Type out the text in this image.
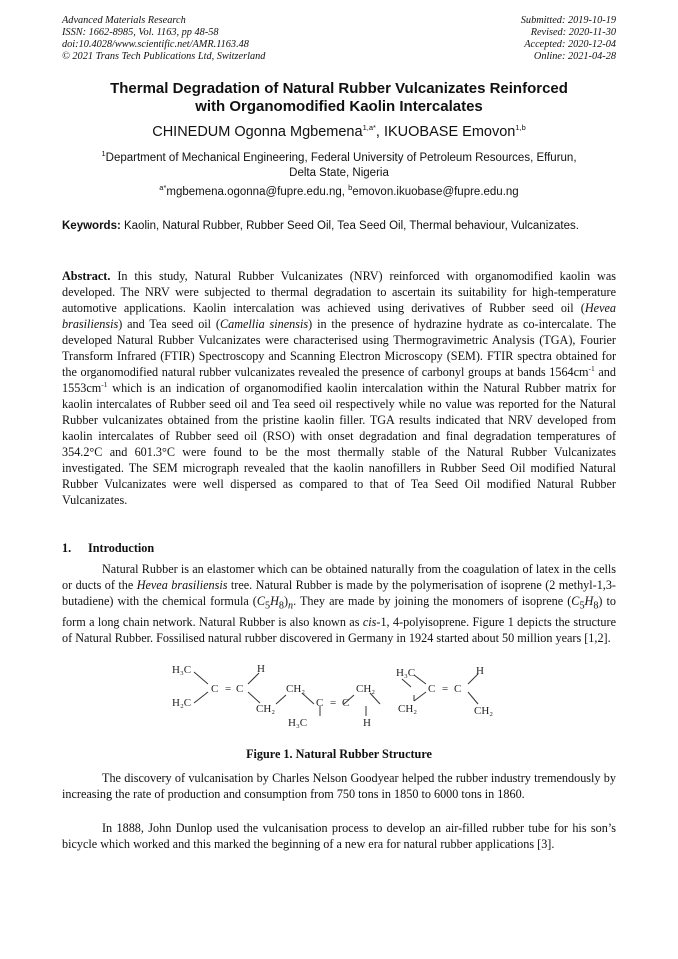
Advanced Materials Research
ISSN: 1662-8985, Vol. 1163, pp 48-58
doi:10.4028/www.scientific.net/AMR.1163.48
© 2021 Trans Tech Publications Ltd, Switzerland
Submitted: 2019-10-19
Revised: 2020-11-30
Accepted: 2020-12-04
Online: 2021-04-28
Thermal Degradation of Natural Rubber Vulcanizates Reinforced
with Organomodified Kaolin Intercalates
CHINEDUM Ogonna Mgbemena$^{1,a*}$, IKUOBASE Emovon$^{1,b}$
$^1$Department of Mechanical Engineering, Federal University of Petroleum Resources, Effurun,
Delta State, Nigeria
$^{a*}$mgbemena.ogonna@fupre.edu.ng, $^b$emovon.ikuobase@fupre.edu.ng
Keywords: Kaolin, Natural Rubber, Rubber Seed Oil, Tea Seed Oil, Thermal behaviour, Vulcanizates.
Abstract. In this study, Natural Rubber Vulcanizates (NRV) reinforced with organomodified kaolin was developed. The NRV were subjected to thermal degradation to ascertain its suitability for high-temperature automotive applications. Kaolin intercalation was achieved using derivatives of Rubber seed oil (Hevea brasiliensis) and Tea seed oil (Camellia sinensis) in the presence of hydrazine hydrate as co-intercalate. The developed Natural Rubber Vulcanizates were characterised using Thermogravimetric Analysis (TGA), Fourier Transform Infrared (FTIR) Spectroscopy and Scanning Electron Microscopy (SEM). FTIR spectra obtained for the organomodified natural rubber vulcanizates revealed the presence of carbonyl groups at bands $1564cm^{-1}$ and $1553cm^{-1}$ which is an indication of organomodified kaolin intercalation within the Natural Rubber matrix for kaolin intercalates of Rubber seed oil and Tea seed oil respectively while no value was reported for the Natural Rubber vulcanizates obtained from the pristine kaolin filler. TGA results indicated that NRV developed from kaolin intercalates of Rubber seed oil (RSO) with onset degradation and final degradation temperatures of 354.2°C and 601.3°C were found to be the most thermally stable of the Natural Rubber Vulcanizates investigated. The SEM micrograph revealed that the kaolin nanofillers in Rubber Seed Oil modified Natural Rubber Vulcanizates were well dispersed as compared to that of Tea Seed Oil modified Natural Rubber Vulcanizates.
1. Introduction
Natural Rubber is an elastomer which can be obtained naturally from the coagulation of latex in the cells or ducts of the Hevea brasiliensis tree. Natural Rubber is made by the polymerisation of isoprene (2 methyl-1,3-butadiene) with the chemical formula $(C_5H_8)_n$. They are made by joining the monomers of isoprene $(C_5H_8)$ to form a long chain network. Natural Rubber is also known as cis-1, 4-polyisoprene. Figure 1 depicts the structure of Natural Rubber. Fossilised natural rubber discovered in Germany in 1924 started about 50 million years [1,2].
H₃C
H₂C
C = C
H
CH₂
CH₂
H₃C
C = C
H
CH₂
H₃C
CH₂
C = C
H
CH₂
Figure 1. Natural Rubber Structure
The discovery of vulcanisation by Charles Nelson Goodyear helped the rubber industry tremendously by increasing the rate of production and consumption from 750 tons in 1850 to 6000 tons in 1860.
In 1888, John Dunlop used the vulcanisation process to develop an air-filled rubber tube for his son’s bicycle which worked and this marked the beginning of a new era for natural rubber applications [3].
